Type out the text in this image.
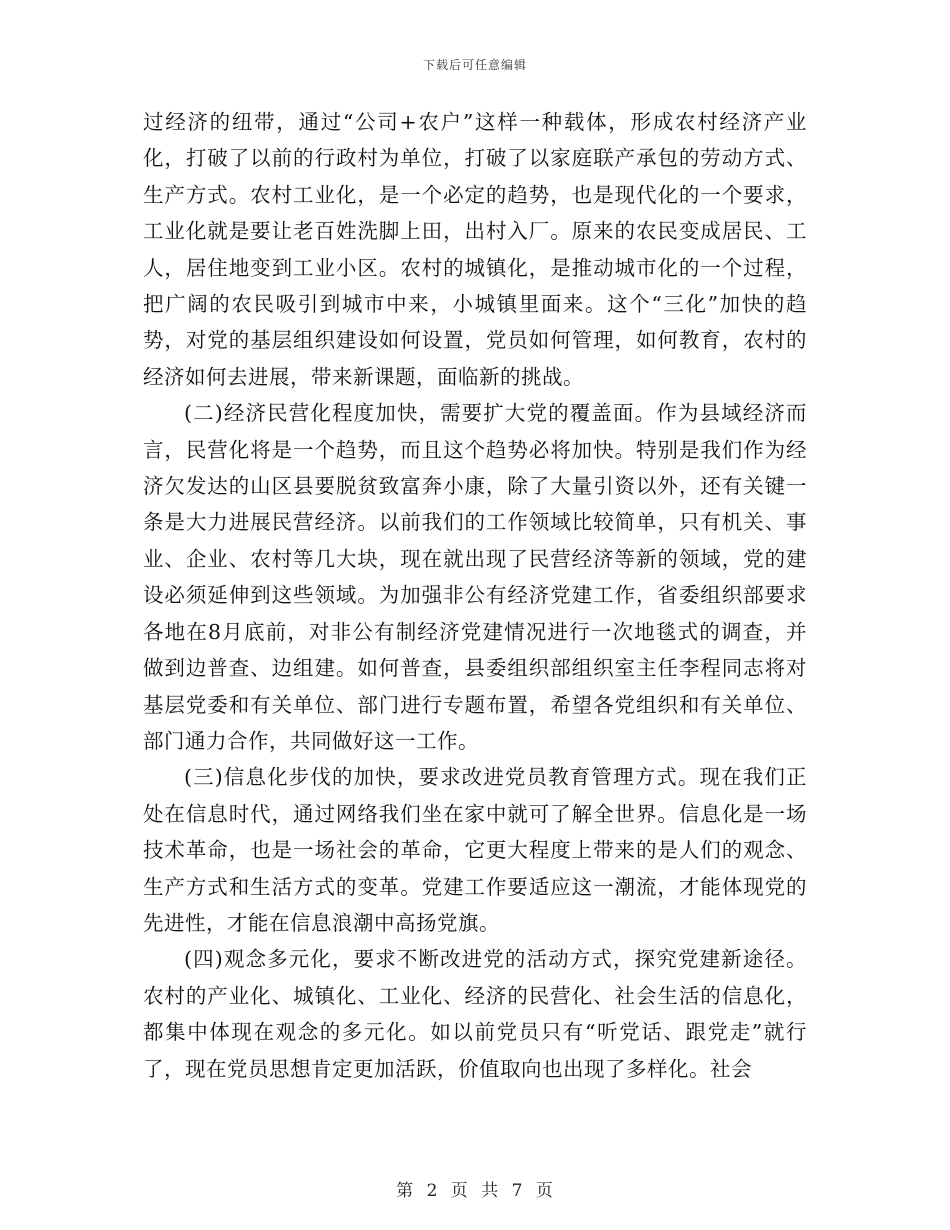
下载后可任意编辑

过经济的纽带，通过“公司+农户”这样一种载体，形成农村经济产业化，打破了以前的行政村为单位，打破了以家庭联产承包的劳动方式、生产方式。农村工业化，是一个必定的趋势，也是现代化的一个要求，工业化就是要让老百姓洗脚上田，出村入厂。原来的农民变成居民、工人，居住地变到工业小区。农村的城镇化，是推动城市化的一个过程，把广阔的农民吸引到城市中来，小城镇里面来。这个“三化”加快的趋势，对党的基层组织建设如何设置，党员如何管理，如何教育，农村的经济如何去进展，带来新课题，面临新的挑战。

(二)经济民营化程度加快，需要扩大党的覆盖面。作为县域经济而言，民营化将是一个趋势，而且这个趋势必将加快。特别是我们作为经济欠发达的山区县要脱贫致富奔小康，除了大量引资以外，还有关键一条是大力进展民营经济。以前我们的工作领域比较简单，只有机关、事业、企业、农村等几大块，现在就出现了民营经济等新的领域，党的建设必须延伸到这些领域。为加强非公有经济党建工作，省委组织部要求各地在8月底前，对非公有制经济党建情况进行一次地毯式的调查，并做到边普查、边组建。如何普查，县委组织部组织室主任李程同志将对基层党委和有关单位、部门进行专题布置，希望各党组织和有关单位、部门通力合作，共同做好这一工作。

(三)信息化步伐的加快，要求改进党员教育管理方式。现在我们正处在信息时代，通过网络我们坐在家中就可了解全世界。信息化是一场技术革命，也是一场社会的革命，它更大程度上带来的是人们的观念、生产方式和生活方式的变革。党建工作要适应这一潮流，才能体现党的先进性，才能在信息浪潮中高扬党旗。

(四)观念多元化，要求不断改进党的活动方式，探究党建新途径。农村的产业化、城镇化、工业化、经济的民营化、社会生活的信息化，都集中体现在观念的多元化。如以前党员只有“听党话、跟党走”就行了，现在党员思想肯定更加活跃，价值取向也出现了多样化。社会

第 2 页 共 7 页
